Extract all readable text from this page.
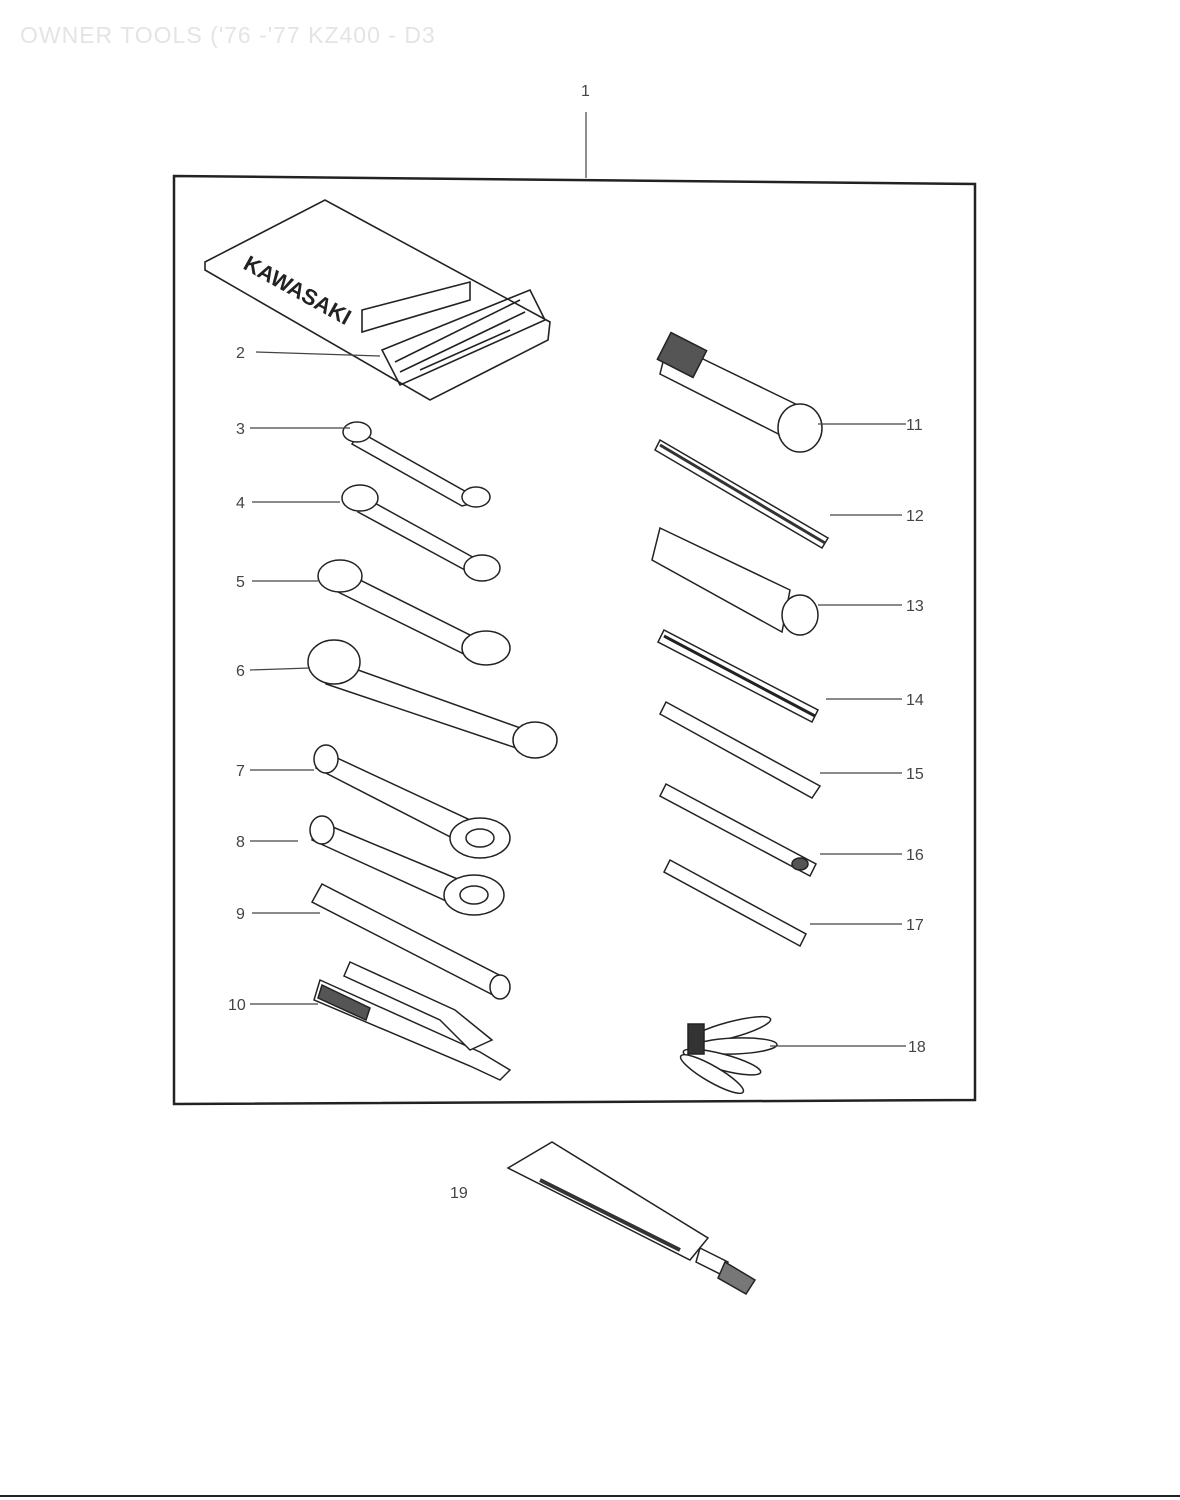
OWNER TOOLS ('76 -'77 KZ400 - D3
KAWASAKI
1
2
3
4
5
6
7
8
9
10
11
12
13
14
15
16
17
18
19
